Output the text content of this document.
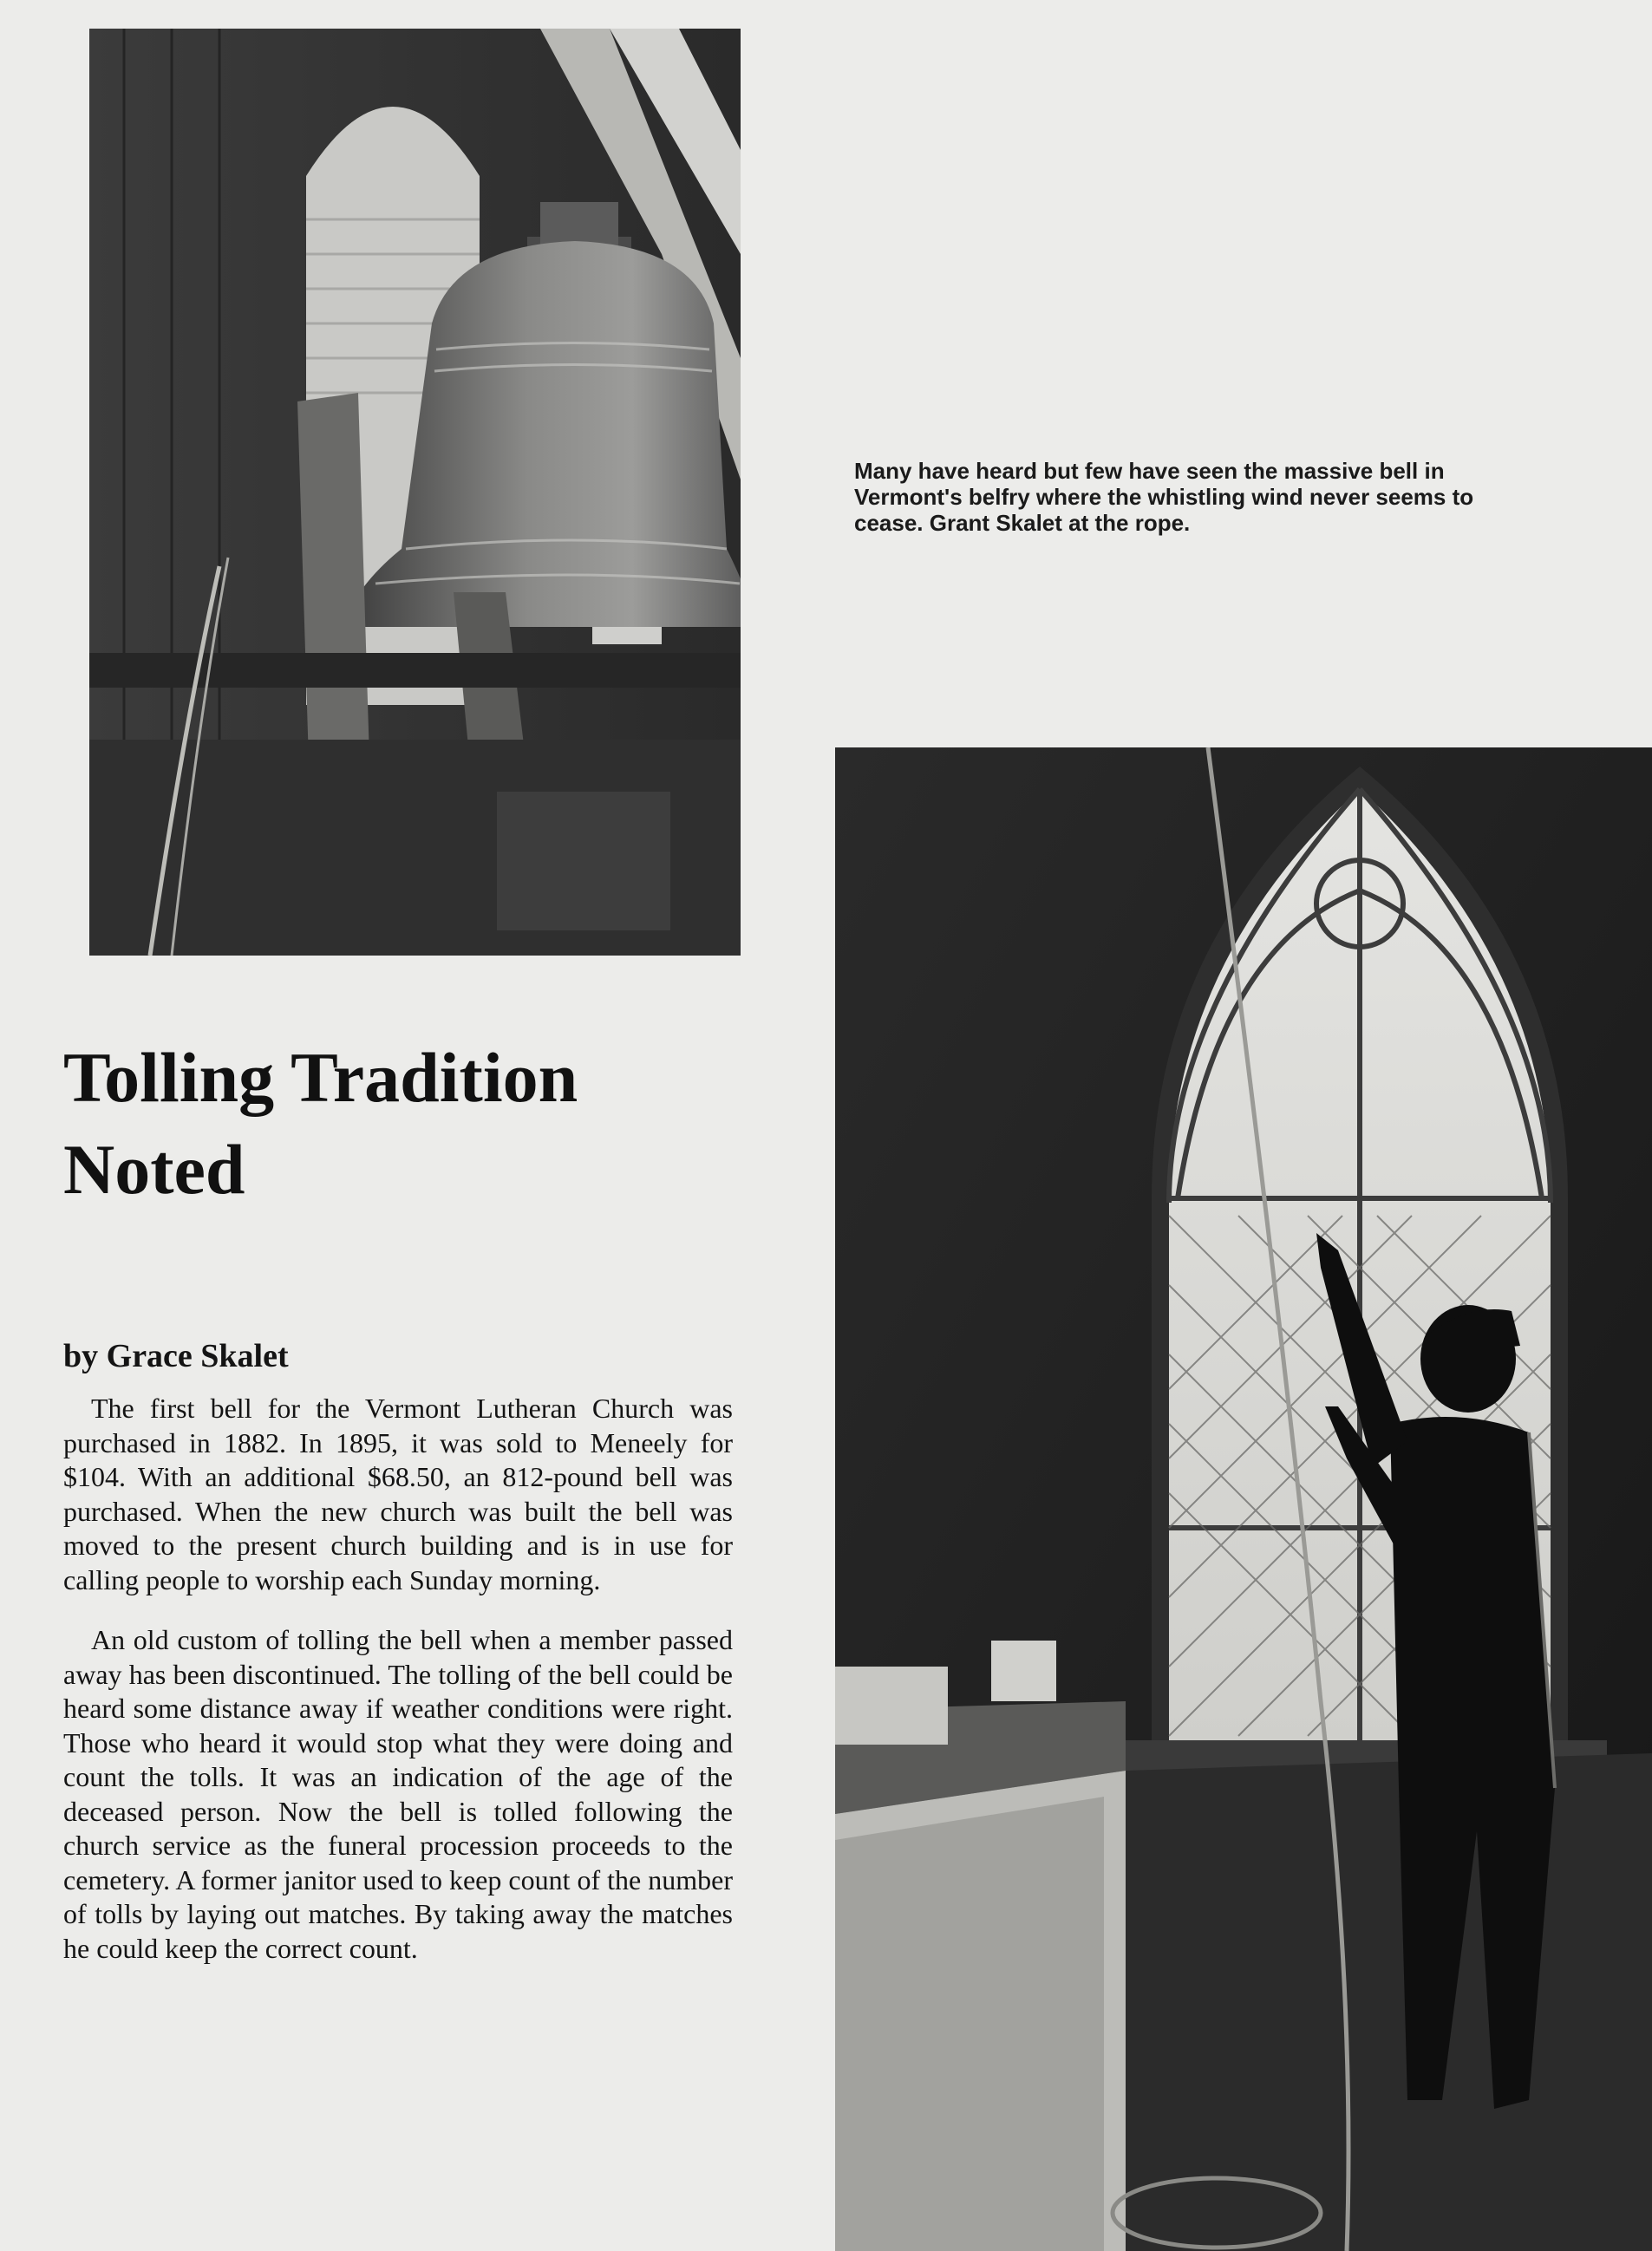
Many have heard but few have seen the massive bell in Vermont's belfry where the whistling wind never seems to cease. Grant Skalet at the rope.
Tolling Tradition Noted
by Grace Skalet

The first bell for the Vermont Lutheran Church was purchased in 1882. In 1895, it was sold to Meneely for $104. With an additional $68.50, an 812-pound bell was purchased. When the new church was built the bell was moved to the present church building and is in use for calling people to worship each Sunday morning.

An old custom of tolling the bell when a member passed away has been discontinued. The tolling of the bell could be heard some distance away if weather conditions were right. Those who heard it would stop what they were doing and count the tolls. It was an indication of the age of the deceased person. Now the bell is tolled following the church service as the funeral procession proceeds to the cemetery. A former janitor used to keep count of the number of tolls by laying out matches. By taking away the matches he could keep the correct count.
